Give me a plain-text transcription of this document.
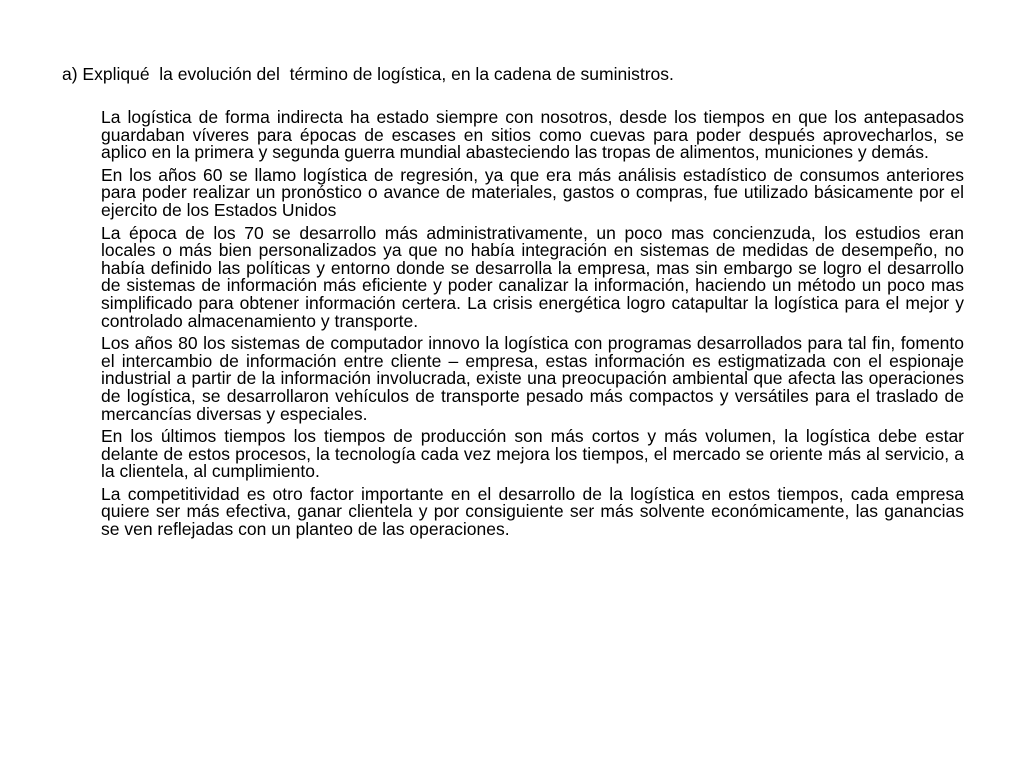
a) Expliqué  la evolución del  término de logística, en la cadena de suministros.

La logística de forma indirecta ha estado siempre con nosotros, desde los tiempos en que los antepasados guardaban víveres para épocas de escases en sitios como cuevas para poder después aprovecharlos, se aplico en la primera y segunda guerra mundial abasteciendo las tropas de alimentos, municiones y demás.

En los años 60 se llamo logística de regresión, ya que era más análisis estadístico de consumos anteriores para poder realizar un pronóstico o avance de materiales, gastos o compras, fue utilizado básicamente por el ejercito de los Estados Unidos

La época de los 70 se desarrollo más administrativamente, un poco mas concienzuda, los estudios eran locales o más bien personalizados ya que no había integración en sistemas de medidas de desempeño, no había definido las políticas y entorno donde se desarrolla la empresa, mas sin embargo se logro el desarrollo de sistemas de información más eficiente y poder canalizar la información, haciendo un método un poco mas simplificado para obtener información certera. La crisis energética logro catapultar la logística para el mejor y controlado almacenamiento y transporte.

Los años 80 los sistemas de computador innovo la logística con programas desarrollados para tal fin, fomento el intercambio de información entre cliente – empresa, estas información es estigmatizada con el espionaje industrial a partir de la información involucrada, existe una preocupación ambiental que afecta las operaciones de logística, se desarrollaron vehículos de transporte pesado más compactos y versátiles para el traslado de mercancías diversas y especiales.

En los últimos tiempos los tiempos de producción son más cortos y más volumen, la logística debe estar delante de estos procesos, la tecnología cada vez mejora los tiempos, el mercado se oriente más al servicio, a la clientela, al cumplimiento.

La competitividad es otro factor importante en el desarrollo de la logística en estos tiempos, cada empresa quiere ser más efectiva, ganar clientela y por consiguiente ser más solvente económicamente, las ganancias se ven reflejadas con un planteo de las operaciones.
